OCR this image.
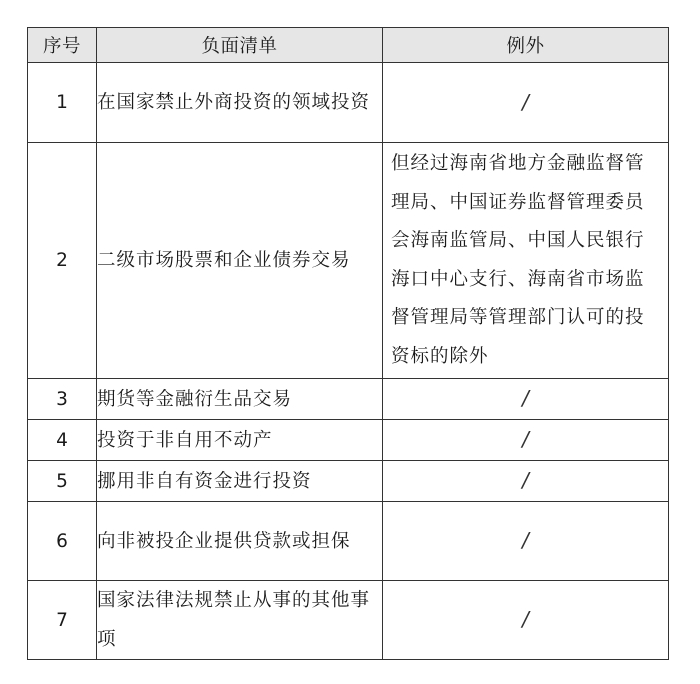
序号	负面清单	例外
1	在国家禁止外商投资的领域投资	/
2	二级市场股票和企业债券交易	但经过海南省地方金融监督管理局、中国证券监督管理委员会海南监管局、中国人民银行海口中心支行、海南省市场监督管理局等管理部门认可的投资标的除外

3	期货等金融衍生品交易	/
4	投资于非自用不动产	/
5	挪用非自有资金进行投资	/
6	向非被投企业提供贷款或担保	/
7	国家法律法规禁止从事的其他事项	/
